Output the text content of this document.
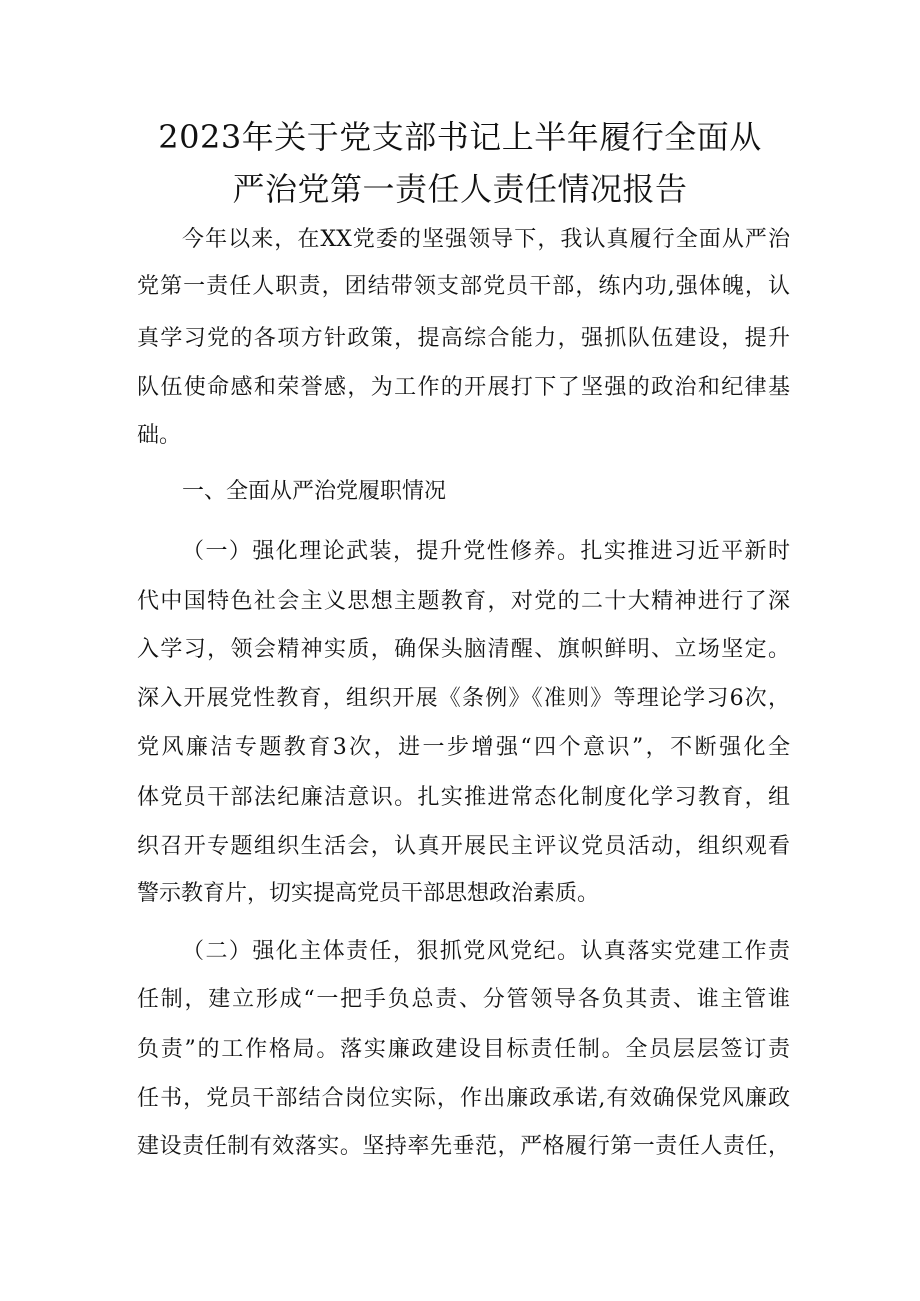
2023年关于党支部书记上半年履行全面从
严治党第一责任人责任情况报告

今年以来，在XX党委的坚强领导下，我认真履行全面从严治

党第一责任人职责，团结带领支部党员干部，练内功,强体魄，认

真学习党的各项方针政策，提高综合能力，强抓队伍建设，提升

队伍使命感和荣誉感，为工作的开展打下了坚强的政治和纪律基

础。

一、全面从严治党履职情况

（一）强化理论武装，提升党性修养。扎实推进习近平新时

代中国特色社会主义思想主题教育，对党的二十大精神进行了深

入学习，领会精神实质，确保头脑清醒、旗帜鲜明、立场坚定。

深入开展党性教育，组织开展《条例》《准则》等理论学习6次，

党风廉洁专题教育3次，进一步增强“四个意识”，不断强化全

体党员干部法纪廉洁意识。扎实推进常态化制度化学习教育，组

织召开专题组织生活会，认真开展民主评议党员活动，组织观看

警示教育片，切实提高党员干部思想政治素质。

（二）强化主体责任，狠抓党风党纪。认真落实党建工作责

任制，建立形成“一把手负总责、分管领导各负其责、谁主管谁

负责”的工作格局。落实廉政建设目标责任制。全员层层签订责

任书，党员干部结合岗位实际，作出廉政承诺,有效确保党风廉政

建设责任制有效落实。坚持率先垂范，严格履行第一责任人责任，
